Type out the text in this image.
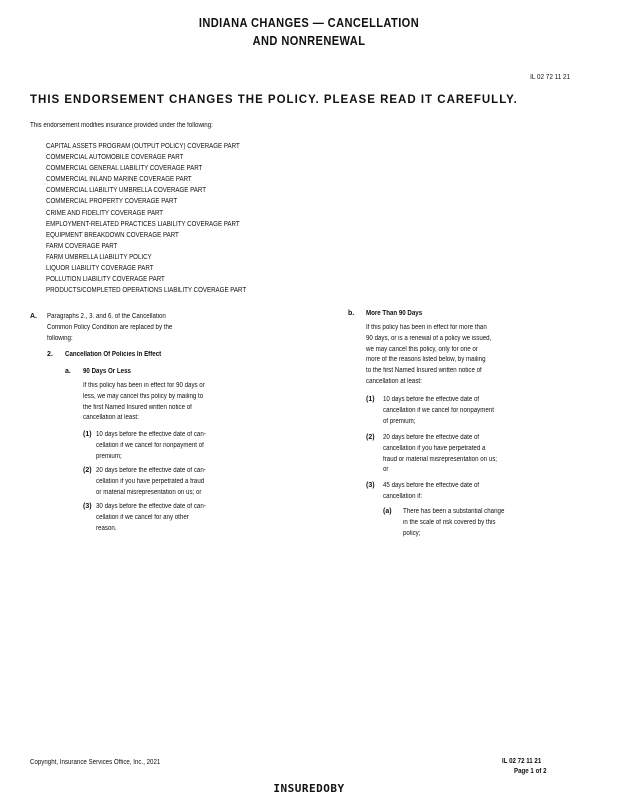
INDIANA CHANGES — CANCELLATION
AND NONRENEWAL
IL 02 72 11 21
THIS ENDORSEMENT CHANGES THE POLICY. PLEASE READ IT CAREFULLY.
This endorsement modifies insurance provided under the following:
CAPITAL ASSETS PROGRAM (OUTPUT POLICY) COVERAGE PART
COMMERCIAL AUTOMOBILE COVERAGE PART
COMMERCIAL GENERAL LIABILITY COVERAGE PART
COMMERCIAL INLAND MARINE COVERAGE PART
COMMERCIAL LIABILITY UMBRELLA COVERAGE PART
COMMERCIAL PROPERTY COVERAGE PART
CRIME AND FIDELITY COVERAGE PART
EMPLOYMENT-RELATED PRACTICES LIABILITY COVERAGE PART
EQUIPMENT BREAKDOWN COVERAGE PART
FARM COVERAGE PART
FARM UMBRELLA LIABILITY POLICY
LIQUOR LIABILITY COVERAGE PART
POLLUTION LIABILITY COVERAGE PART
PRODUCTS/COMPLETED OPERATIONS LIABILITY COVERAGE PART
A. Paragraphs 2., 3. and 6. of the Cancellation
Common Policy Condition are replaced by the
following:
2. Cancellation Of Policies In Effect
a. 90 Days Or Less
If this policy has been in effect for 90 days or
less, we may cancel this policy by mailing to
the first Named Insured written notice of
cancellation at least:
(1) 10 days before the effective date of can-
cellation if we cancel for nonpayment of
premium;
(2) 20 days before the effective date of can-
cellation if you have perpetrated a fraud
or material misrepresentation on us; or
(3) 30 days before the effective date of can-
cellation if we cancel for any other
reason.
b. More Than 90 Days
If this policy has been in effect for more than
90 days, or is a renewal of a policy we issued,
we may cancel this policy, only for one or
more of the reasons listed below, by mailing
to the first Named Insured written notice of
cancellation at least:
(1) 10 days before the effective date of
cancellation if we cancel for nonpayment
of premium;
(2) 20 days before the effective date of
cancellation if you have perpetrated a
fraud or material misrepresentation on us;
or
(3) 45 days before the effective date of
cancellation if:
(a) There has been a substantial change
in the scale of risk covered by this
policy;
Copyright, Insurance Services Office, Inc., 2021	IL 02 72 11 21
Page 1 of 2
INSUREDOBY
